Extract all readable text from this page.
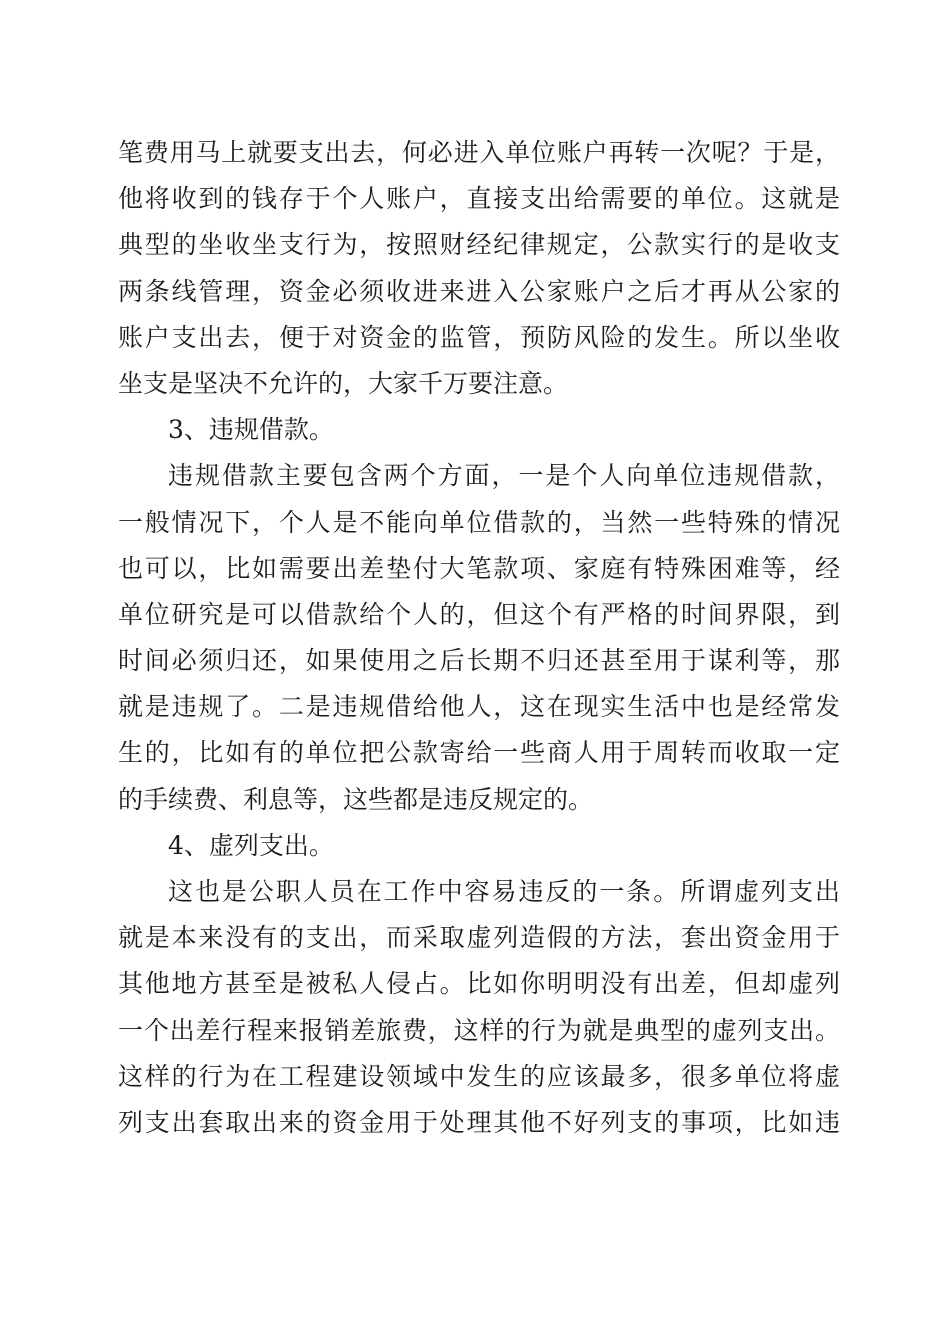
笔费用马上就要支出去，何必进入单位账户再转一次呢？于是，
他将收到的钱存于个人账户，直接支出给需要的单位。这就是
典型的坐收坐支行为，按照财经纪律规定，公款实行的是收支
两条线管理，资金必须收进来进入公家账户之后才再从公家的
账户支出去，便于对资金的监管，预防风险的发生。所以坐收
坐支是坚决不允许的，大家千万要注意。
3、违规借款。
违规借款主要包含两个方面，一是个人向单位违规借款，
一般情况下，个人是不能向单位借款的，当然一些特殊的情况
也可以，比如需要出差垫付大笔款项、家庭有特殊困难等，经
单位研究是可以借款给个人的，但这个有严格的时间界限，到
时间必须归还，如果使用之后长期不归还甚至用于谋利等，那
就是违规了。二是违规借给他人，这在现实生活中也是经常发
生的，比如有的单位把公款寄给一些商人用于周转而收取一定
的手续费、利息等，这些都是违反规定的。
4、虚列支出。
这也是公职人员在工作中容易违反的一条。所谓虚列支出
就是本来没有的支出，而采取虚列造假的方法，套出资金用于
其他地方甚至是被私人侵占。比如你明明没有出差，但却虚列
一个出差行程来报销差旅费，这样的行为就是典型的虚列支出。
这样的行为在工程建设领域中发生的应该最多，很多单位将虚
列支出套取出来的资金用于处理其他不好列支的事项，比如违
